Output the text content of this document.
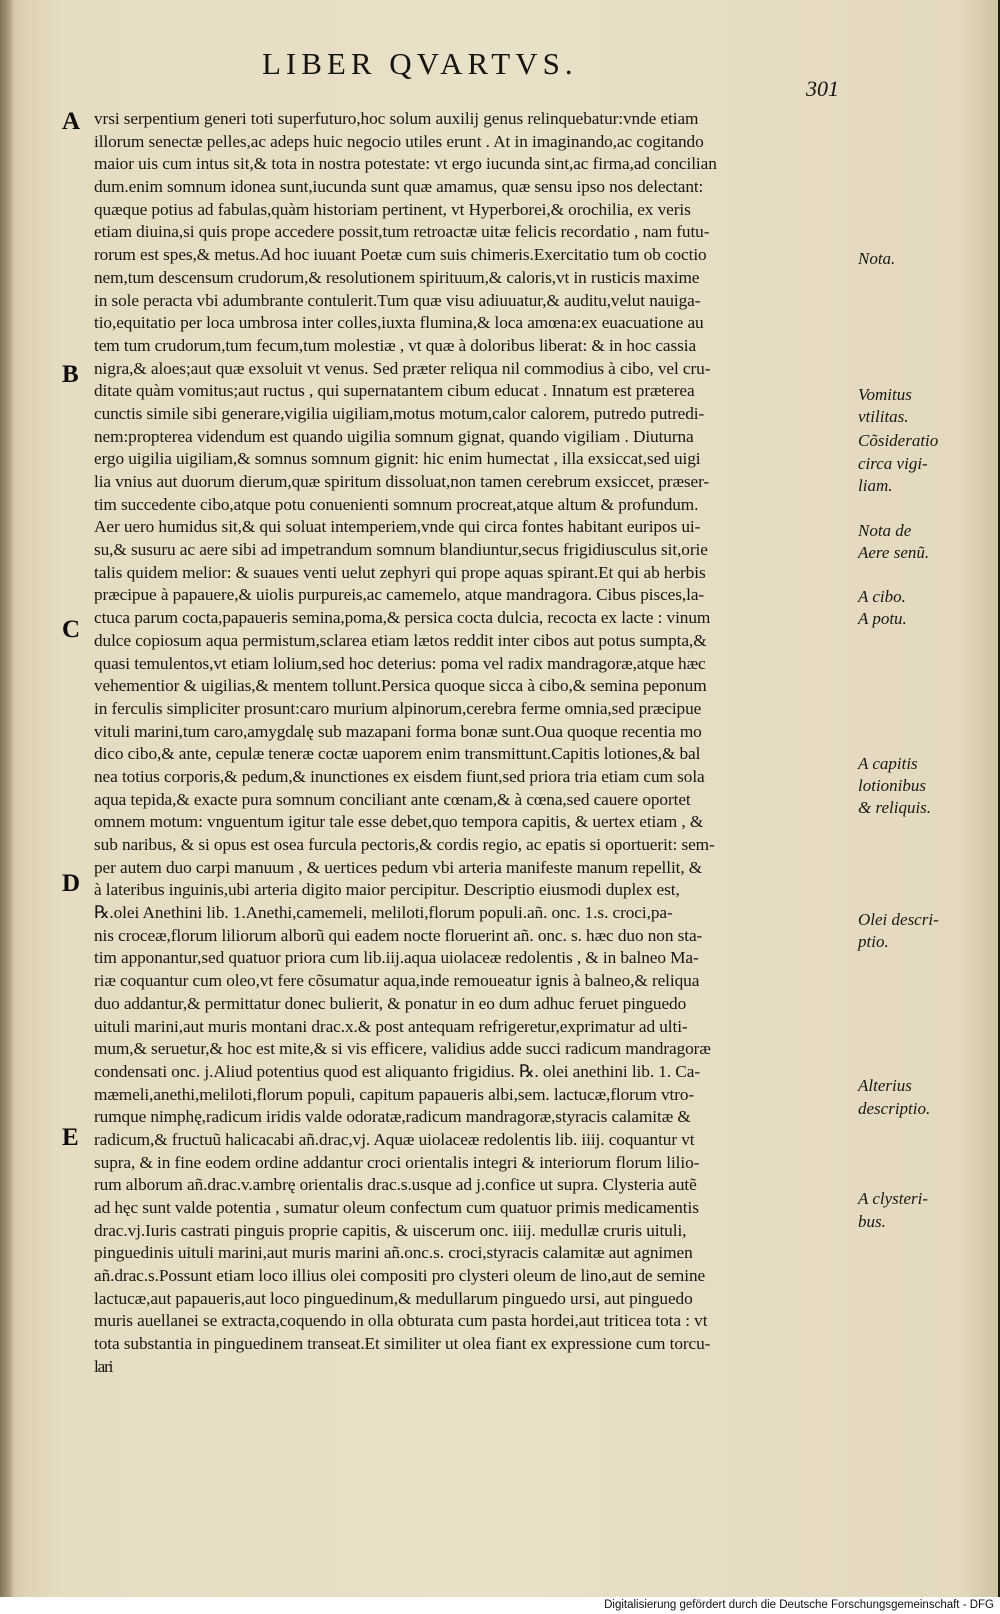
LIBER QVARTVS.
301
A
B
C
D
E
vrsi serpentium generi toti superfuturo,hoc solum auxilij genus relinquebatur:vnde etiam
illorum senectæ pelles,ac adeps huic negocio utiles erunt . At in imaginando,ac cogitando
maior uis cum intus sit,& tota in nostra potestate: vt ergo iucunda sint,ac firma,ad concilian
dum.enim somnum idonea sunt,iucunda sunt quæ amamus, quæ sensu ipso nos delectant:
quæque potius ad fabulas,quàm historiam pertinent, vt Hyperborei,& orochilia, ex veris
etiam diuina,si quis prope accedere possit,tum retroactæ uitæ felicis recordatio , nam futu-
rorum est spes,& metus.Ad hoc iuuant Poetæ cum suis chimeris.Exercitatio tum ob coctio
nem,tum descensum crudorum,& resolutionem spirituum,& caloris,vt in rusticis maxime
in sole peracta vbi adumbrante contulerit.Tum quæ visu adiuuatur,& auditu,velut nauiga-
tio,equitatio per loca umbrosa inter colles,iuxta flumina,& loca amœna:ex euacuatione au
tem tum crudorum,tum fecum,tum molestiæ , vt quæ à doloribus liberat: & in hoc cassia
nigra,& aloes;aut quæ exsoluit vt venus. Sed præter reliqua nil commodius à cibo, vel cru-
ditate quàm vomitus;aut ructus , qui supernatantem cibum educat . Innatum est præterea
cunctis simile sibi generare,vigilia uigiliam,motus motum,calor calorem, putredo putredi-
nem:propterea videndum est quando uigilia somnum gignat, quando vigiliam . Diuturna
ergo uigilia uigiliam,& somnus somnum gignit: hic enim humectat , illa exsiccat,sed uigi
lia vnius aut duorum dierum,quæ spiritum dissoluat,non tamen cerebrum exsiccet, præser-
tim succedente cibo,atque potu conuenienti somnum procreat,atque altum & profundum.
Aer uero humidus sit,& qui soluat intemperiem,vnde qui circa fontes habitant euripos ui-
su,& susuru ac aere sibi ad impetrandum somnum blandiuntur,secus frigidiusculus sit,orie
talis quidem melior: & suaues venti uelut zephyri qui prope aquas spirant.Et qui ab herbis
præcipue à papauere,& uiolis purpureis,ac camemelo, atque mandragora. Cibus pisces,la-
ctuca parum cocta,papaueris semina,poma,& persica cocta dulcia, recocta ex lacte : vinum
dulce copiosum aqua permistum,sclarea etiam lætos reddit inter cibos aut potus sumpta,&
quasi temulentos,vt etiam lolium,sed hoc deterius: poma vel radix mandragoræ,atque hæc
vehementior & uigilias,& mentem tollunt.Persica quoque sicca à cibo,& semina peponum
in ferculis simpliciter prosunt:caro murium alpinorum,cerebra ferme omnia,sed præcipue
vituli marini,tum caro,amygdalę sub mazapani forma bonæ sunt.Oua quoque recentia mo
dico cibo,& ante, cepulæ teneræ coctæ uaporem enim transmittunt.Capitis lotiones,& bal
nea totius corporis,& pedum,& inunctiones ex eisdem fiunt,sed priora tria etiam cum sola
aqua tepida,& exacte pura somnum conciliant ante cœnam,& à cœna,sed cauere oportet
omnem motum: vnguentum igitur tale esse debet,quo tempora capitis, & uertex etiam , &
sub naribus, & si opus est osea furcula pectoris,& cordis regio, ac epatis si oportuerit: sem-
per autem duo carpi manuum , & uertices pedum vbi arteria manifeste manum repellit, &
à lateribus inguinis,ubi arteria digito maior percipitur. Descriptio eiusmodi duplex est,
℞.olei Anethini lib. 1.Anethi,camemeli, meliloti,florum populi.añ. onc. 1.s. croci,pa-
nis croceæ,florum liliorum alborũ qui eadem nocte floruerint añ. onc. s. hæc duo non sta-
tim apponantur,sed quatuor priora cum lib.iij.aqua uiolaceæ redolentis , & in balneo Ma-
riæ coquantur cum oleo,vt fere cõsumatur aqua,inde remoueatur ignis à balneo,& reliqua
duo addantur,& permittatur donec bulierit, & ponatur in eo dum adhuc feruet pinguedo
uituli marini,aut muris montani drac.x.& post antequam refrigeretur,exprimatur ad ulti-
mum,& seruetur,& hoc est mite,& si vis efficere, validius adde succi radicum mandragoræ
condensati onc. j.Aliud potentius quod est aliquanto frigidius. ℞. olei anethini lib. 1. Ca-
mæmeli,anethi,meliloti,florum populi, capitum papaueris albi,sem. lactucæ,florum vtro-
rumque nimphę,radicum iridis valde odoratæ,radicum mandragoræ,styracis calamitæ &
radicum,& fructuũ halicacabi añ.drac,vj. Aquæ uiolaceæ redolentis lib. iiij. coquantur vt
supra, & in fine eodem ordine addantur croci orientalis integri & interiorum florum lilio-
rum alborum añ.drac.v.ambrę orientalis drac.s.usque ad j.confice ut supra. Clysteria autẽ
ad hęc sunt valde potentia , sumatur oleum confectum cum quatuor primis medicamentis
drac.vj.Iuris castrati pinguis proprie capitis, & uiscerum onc. iiij. medullæ cruris uituli,
pinguedinis uituli marini,aut muris marini añ.onc.s. croci,styracis calamitæ aut agnimen
añ.drac.s.Possunt etiam loco illius olei compositi pro clysteri oleum de lino,aut de semine
lactucæ,aut papaueris,aut loco pinguedinum,& medullarum pinguedo ursi, aut pinguedo
muris auellanei se extracta,coquendo in olla obturata cum pasta hordei,aut triticea tota : vt
tota substantia in pinguedinem transeat.Et similiter ut olea fiant ex expressione cum torcu-
lari
Nota.
Vomitus
vtilitas.
Cõsideratio
circa vigi-
liam.
Nota de
Aere senũ.
A cibo.
A potu.
A capitis
lotionibus
& reliquis.
Olei descri-
ptio.
Alterius
descriptio.
A clysteri-
bus.
Digitalisierung gefördert durch die Deutsche Forschungsgemeinschaft - DFG
